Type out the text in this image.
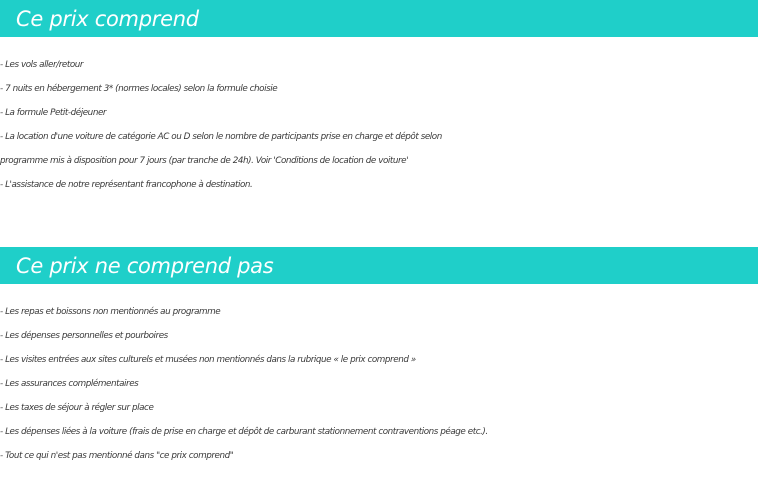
Ce prix comprend
- Les vols aller/retour
- 7 nuits en hébergement 3* (normes locales) selon la formule choisie
- La formule Petit-déjeuner
- La location d'une voiture de catégorie AC ou D selon le nombre de participants prise en charge et dépôt selon
programme mis à disposition pour 7 jours (par tranche de 24h). Voir 'Conditions de location de voiture'
- L'assistance de notre représentant francophone à destination.
Ce prix ne comprend pas
- Les repas et boissons non mentionnés au programme
- Les dépenses personnelles et pourboires
- Les visites entrées aux sites culturels et musées non mentionnés dans la rubrique « le prix comprend »
- Les assurances complémentaires
- Les taxes de séjour à régler sur place
- Les dépenses liées à la voiture (frais de prise en charge et dépôt de carburant stationnement contraventions péage etc.).
- Tout ce qui n'est pas mentionné dans "ce prix comprend"
